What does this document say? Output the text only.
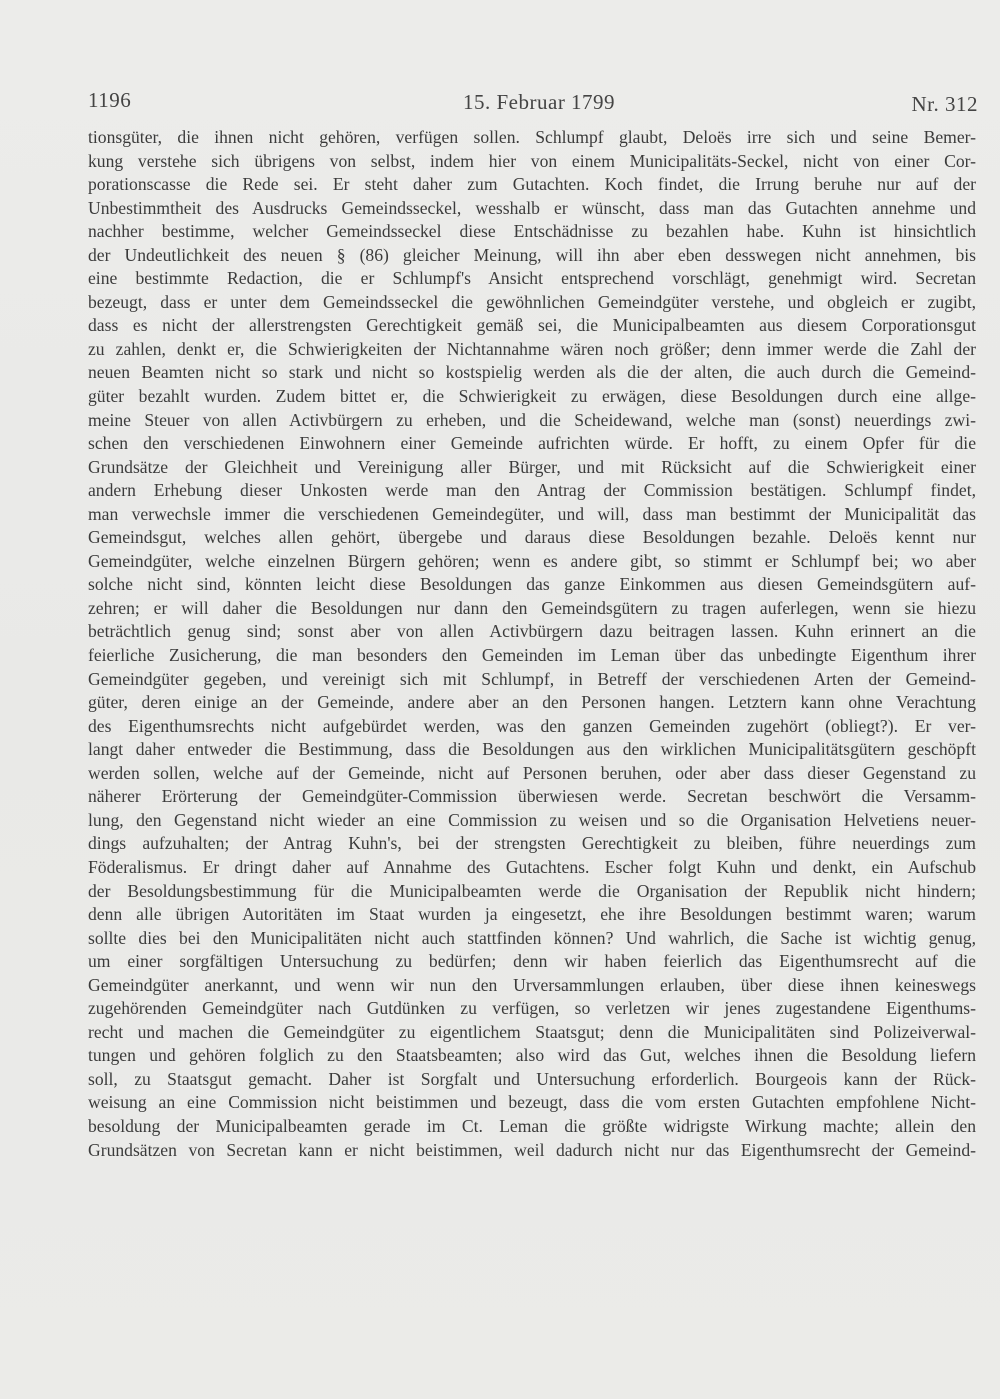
1196	15. Februar 1799	Nr. 312
tionsgüter, die ihnen nicht gehören, verfügen sollen. Schlumpf glaubt, Deloës irre sich und seine Bemer-
kung verstehe sich übrigens von selbst, indem hier von einem Municipalitäts-Seckel, nicht von einer Cor-
porationscasse die Rede sei. Er steht daher zum Gutachten. Koch findet, die Irrung beruhe nur auf der
Unbestimmtheit des Ausdrucks Gemeindsseckel, wesshalb er wünscht, dass man das Gutachten annehme und
nachher bestimme, welcher Gemeindsseckel diese Entschädnisse zu bezahlen habe. Kuhn ist hinsichtlich
der Undeutlichkeit des neuen § (86) gleicher Meinung, will ihn aber eben desswegen nicht annehmen, bis
eine bestimmte Redaction, die er Schlumpf's Ansicht entsprechend vorschlägt, genehmigt wird. Secretan
bezeugt, dass er unter dem Gemeindsseckel die gewöhnlichen Gemeindgüter verstehe, und obgleich er zugibt,
dass es nicht der allerstrengsten Gerechtigkeit gemäß sei, die Municipalbeamten aus diesem Corporationsgut
zu zahlen, denkt er, die Schwierigkeiten der Nichtannahme wären noch größer; denn immer werde die Zahl der
neuen Beamten nicht so stark und nicht so kostspielig werden als die der alten, die auch durch die Gemeind-
güter bezahlt wurden. Zudem bittet er, die Schwierigkeit zu erwägen, diese Besoldungen durch eine allge-
meine Steuer von allen Activbürgern zu erheben, und die Scheidewand, welche man (sonst) neuerdings zwi-
schen den verschiedenen Einwohnern einer Gemeinde aufrichten würde. Er hofft, zu einem Opfer für die
Grundsätze der Gleichheit und Vereinigung aller Bürger, und mit Rücksicht auf die Schwierigkeit einer
andern Erhebung dieser Unkosten werde man den Antrag der Commission bestätigen. Schlumpf findet,
man verwechsle immer die verschiedenen Gemeindegüter, und will, dass man bestimmt der Municipalität das
Gemeindsgut, welches allen gehört, übergebe und daraus diese Besoldungen bezahle. Deloës kennt nur
Gemeindgüter, welche einzelnen Bürgern gehören; wenn es andere gibt, so stimmt er Schlumpf bei; wo aber
solche nicht sind, könnten leicht diese Besoldungen das ganze Einkommen aus diesen Gemeindsgütern auf-
zehren; er will daher die Besoldungen nur dann den Gemeindsgütern zu tragen auferlegen, wenn sie hiezu
beträchtlich genug sind; sonst aber von allen Activbürgern dazu beitragen lassen. Kuhn erinnert an die
feierliche Zusicherung, die man besonders den Gemeinden im Leman über das unbedingte Eigenthum ihrer
Gemeindgüter gegeben, und vereinigt sich mit Schlumpf, in Betreff der verschiedenen Arten der Gemeind-
güter, deren einige an der Gemeinde, andere aber an den Personen hangen. Letztern kann ohne Verachtung
des Eigenthumsrechts nicht aufgebürdet werden, was den ganzen Gemeinden zugehört (obliegt?). Er ver-
langt daher entweder die Bestimmung, dass die Besoldungen aus den wirklichen Municipalitätsgütern geschöpft
werden sollen, welche auf der Gemeinde, nicht auf Personen beruhen, oder aber dass dieser Gegenstand zu
näherer Erörterung der Gemeindgüter-Commission überwiesen werde. Secretan beschwört die Versamm-
lung, den Gegenstand nicht wieder an eine Commission zu weisen und so die Organisation Helvetiens neuer-
dings aufzuhalten; der Antrag Kuhn's, bei der strengsten Gerechtigkeit zu bleiben, führe neuerdings zum
Föderalismus. Er dringt daher auf Annahme des Gutachtens. Escher folgt Kuhn und denkt, ein Aufschub
der Besoldungsbestimmung für die Municipalbeamten werde die Organisation der Republik nicht hindern;
denn alle übrigen Autoritäten im Staat wurden ja eingesetzt, ehe ihre Besoldungen bestimmt waren; warum
sollte dies bei den Municipalitäten nicht auch stattfinden können? Und wahrlich, die Sache ist wichtig genug,
um einer sorgfältigen Untersuchung zu bedürfen; denn wir haben feierlich das Eigenthumsrecht auf die
Gemeindgüter anerkannt, und wenn wir nun den Urversammlungen erlauben, über diese ihnen keineswegs
zugehörenden Gemeindgüter nach Gutdünken zu verfügen, so verletzen wir jenes zugestandene Eigenthums-
recht und machen die Gemeindgüter zu eigentlichem Staatsgut; denn die Municipalitäten sind Polizeiverwal-
tungen und gehören folglich zu den Staatsbeamten; also wird das Gut, welches ihnen die Besoldung liefern
soll, zu Staatsgut gemacht. Daher ist Sorgfalt und Untersuchung erforderlich. Bourgeois kann der Rück-
weisung an eine Commission nicht beistimmen und bezeugt, dass die vom ersten Gutachten empfohlene Nicht-
besoldung der Municipalbeamten gerade im Ct. Leman die größte widrigste Wirkung machte; allein den
Grundsätzen von Secretan kann er nicht beistimmen, weil dadurch nicht nur das Eigenthumsrecht der Gemeind-
